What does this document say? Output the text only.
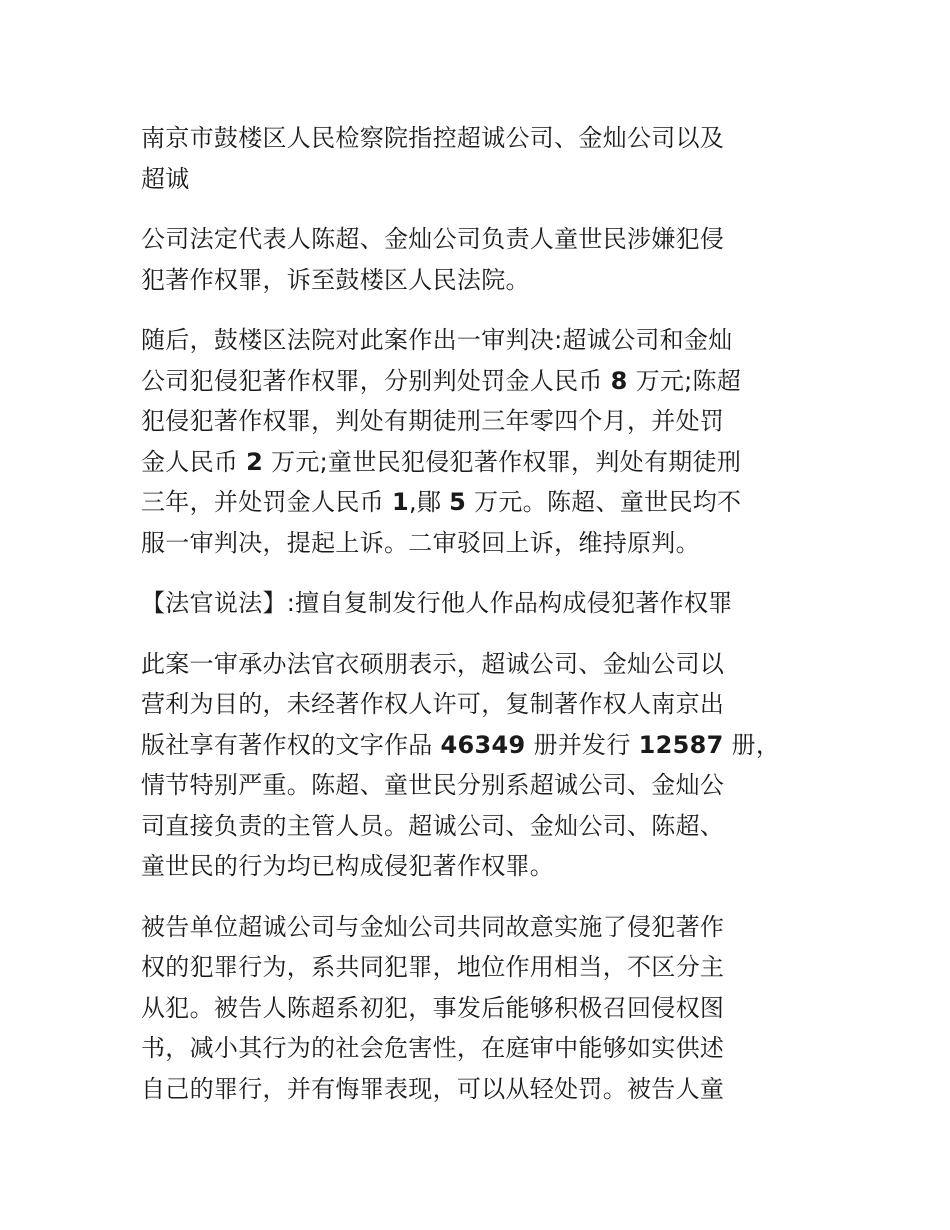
南京市鼓楼区人民检察院指控超诚公司、金灿公司以及
超诚

公司法定代表人陈超、金灿公司负责人童世民涉嫌犯侵
犯著作权罪，诉至鼓楼区人民法院。

随后，鼓楼区法院对此案作出一审判决:超诚公司和金灿
公司犯侵犯著作权罪，分别判处罚金人民币 8 万元;陈超
犯侵犯著作权罪，判处有期徒刑三年零四个月，并处罚
金人民币 2 万元;童世民犯侵犯著作权罪，判处有期徒刑
三年，并处罚金人民币 1,鄖 5 万元。陈超、童世民均不
服一审判决，提起上诉。二审驳回上诉，维持原判。

【法官说法】:擅自复制发行他人作品构成侵犯著作权罪

此案一审承办法官衣硕朋表示，超诚公司、金灿公司以
营利为目的，未经著作权人许可，复制著作权人南京出
版社享有著作权的文字作品 46349 册并发行 12587 册，
情节特别严重。陈超、童世民分别系超诚公司、金灿公
司直接负责的主管人员。超诚公司、金灿公司、陈超、
童世民的行为均已构成侵犯著作权罪。

被告单位超诚公司与金灿公司共同故意实施了侵犯著作
权的犯罪行为，系共同犯罪，地位作用相当，不区分主
从犯。被告人陈超系初犯，事发后能够积极召回侵权图
书，减小其行为的社会危害性，在庭审中能够如实供述
自己的罪行，并有悔罪表现，可以从轻处罚。被告人童
